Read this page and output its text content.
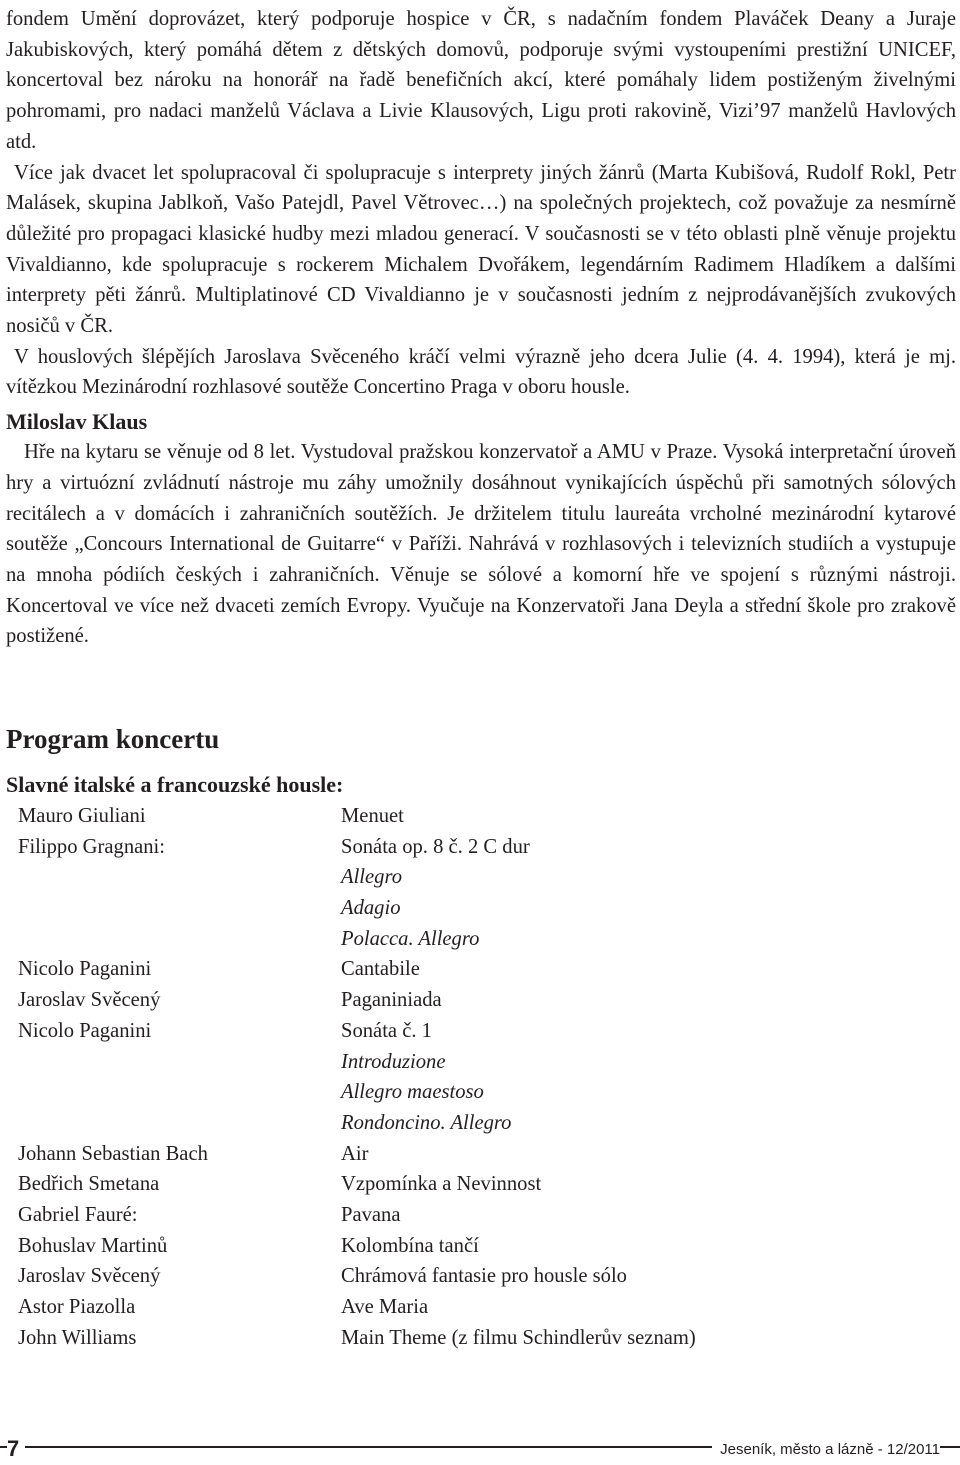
fondem Umění doprovázet, který podporuje hospice v ČR, s nadačním fondem Plaváček Deany a Juraje Jakubiskových, který pomáhá dětem z dětských domovů, podporuje svými vystoupeními prestižní UNICEF, koncertoval bez nároku na honorář na řadě benefičních akcí, které pomáhaly lidem postiženým živelnými pohromami, pro nadaci manželů Václava a Livie Klausových, Ligu proti rakovině, Vizi’97 manželů Havlových atd.

Více jak dvacet let spolupracoval či spolupracuje s interprety jiných žánrů (Marta Kubišová, Rudolf Rokl, Petr Malásek, skupina Jablkoň, Vašo Patejdl, Pavel Větrovec…) na společných projektech, což považuje za nesmírně důležité pro propagaci klasické hudby mezi mladou generací. V současnosti se v této oblasti plně věnuje projektu Vivaldianno, kde spolupracuje s rockerem Michalem Dvořákem, legendárním Radimem Hladíkem a dalšími interprety pěti žánrů. Multiplatinové CD Vivaldianno je v současnosti jedním z nejprodávanějších zvukových nosičů v ČR.

V houslových šlépějích Jaroslava Svěceného kráčí velmi výrazně jeho dcera Julie (4. 4. 1994), která je mj. vítězkou Mezinárodní rozhlasové soutěže Concertino Praga v oboru housle.

Miloslav Klaus

Hře na kytaru se věnuje od 8 let. Vystudoval pražskou konzervatoř a AMU v Praze. Vysoká interpretační úroveň hry a virtuózní zvládnutí nástroje mu záhy umožnily dosáhnout vynikajících úspěchů při samotných sólových recitálech a v domácích i zahraničních soutěžích. Je držitelem titulu laureáta vrcholné mezinárodní kytarové soutěže „Concours International de Guitarre“ v Paříži. Nahrává v rozhlasových i televizních studiích a vystupuje na mnoha pódiích českých i zahraničních. Věnuje se sólové a komorní hře ve spojení s různými nástroji. Koncertoval ve více než dvaceti zemích Evropy. Vyučuje na Konzervatoři Jana Deyla a střední škole pro zrakově postižené.

Program koncertu
Slavné italské a francouzské housle:
Mauro Giuliani	Menuet
Filippo Gragnani:	Sonáta op. 8 č. 2 C dur
Allegro
Adagio
Polacca. Allegro
Nicolo Paganini	Cantabile
Jaroslav Svěcený	Paganiniada
Nicolo Paganini	Sonáta č. 1
Introduzione
Allegro maestoso
Rondoncino. Allegro
Johann Sebastian Bach	Air
Bedřich Smetana	Vzpomínka a Nevinnost
Gabriel Fauré:	Pavana
Bohuslav Martinů	Kolombína tančí
Jaroslav Svěcený	Chrámová fantasie pro housle sólo
Astor Piazolla	Ave Maria
John Williams	Main Theme (z filmu Schindlerův seznam)
7	Jeseník, město a lázně - 12/2011
